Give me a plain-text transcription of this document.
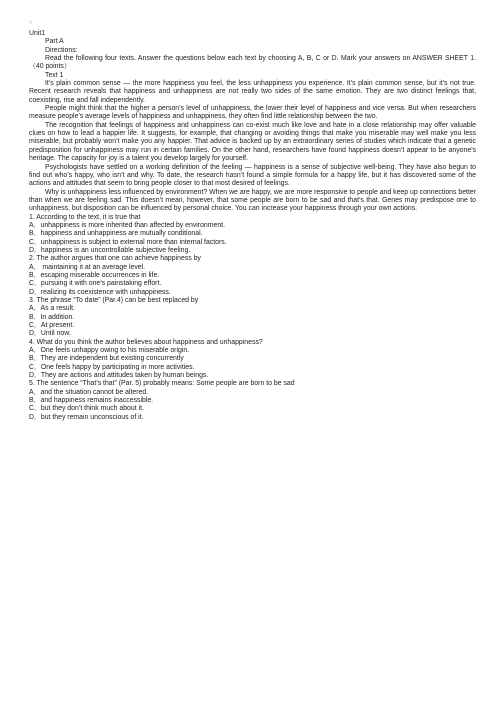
□

Unit1

Part A

Directions:

Read the following four texts. Answer the questions below each text by choosing A, B, C or D. Mark your answers on ANSWER SHEET 1.（40 points）

Text 1

It’s plain common sense — the more happiness you feel, the less unhappiness you experience. It’s plain common sense, but it’s not true. Recent research reveals that happiness and unhappiness are not really two sides of the same emotion. They are two distinct feelings that, coexisting, rise and fall independently.

People might think that the higher a person’s level of unhappiness, the lower their level of happiness and vice versa. But when researchers measure people’s average levels of happiness and unhappiness, they often find little relationship between the two.

The recognition that feelings of happiness and unhappiness can co-exist much like love and hate in a close relationship may offer valuable clues on how to lead a happier life. It suggests, for example, that changing or avoiding things that make you miserable may well make you less miserable, but probably won’t make you any happier. That advice is backed up by an extraordinary series of studies which indicate that a genetic predisposition for unhappiness may run in certain families. On the other hand, researchers have found happiness doesn’t appear to be anyone’s heritage. The capacity for joy is a talent you develop largely for yourself.

Psychologists have settled on a working definition of the feeling — happiness is a sense of subjective well-being. They have also begun to find out who’s happy, who isn’t and why. To date, the research hasn’t found a simple formula for a happy life, but it has discovered some of the actions and attitudes that seem to bring people closer to that most desired of feelings.

Why is unhappiness less influenced by environment? When we are happy, we are more responsive to people and keep up connections better than when we are feeling sad. This doesn’t mean, however, that some people are born to be sad and that’s that. Genes may predispose one to unhappiness, but disposition can be influenced by personal choice. You can increase your happiness through your own actions.

1. According to the text, it is true that

A．unhappiness is more inherited than affected by environment.

B．happiness and unhappiness are mutually conditional.

C．unhappiness is subject to external more than internal factors.

D．happiness is an uncontrollable subjective feeling.

2. The author argues that one can achieve happiness by

A． maintaining it at an average level.

B．escaping miserable occurrences in life.

C．pursuing it with one’s painstaking effort.

D．realizing its coexistence with unhappiness.

3. The phrase “To date” (Par.4) can be best replaced by

A．As a result.

B．In addition.

C．At present.

D．Until now.

4. What do you think the author believes about happiness and unhappiness?

A．One feels unhappy owing to his miserable origin.

B．They are independent but existing concurrently

C．One feels happy by participating in more activities.

D．They are actions and attitudes taken by human beings.

5. The sentence “That’s that” (Par. 5) probably means: Some people are born to be sad

A．and the situation cannot be altered.

B．and happiness remains inaccessible.

C．but they don’t think much about it.

D．but they remain unconscious of it.
